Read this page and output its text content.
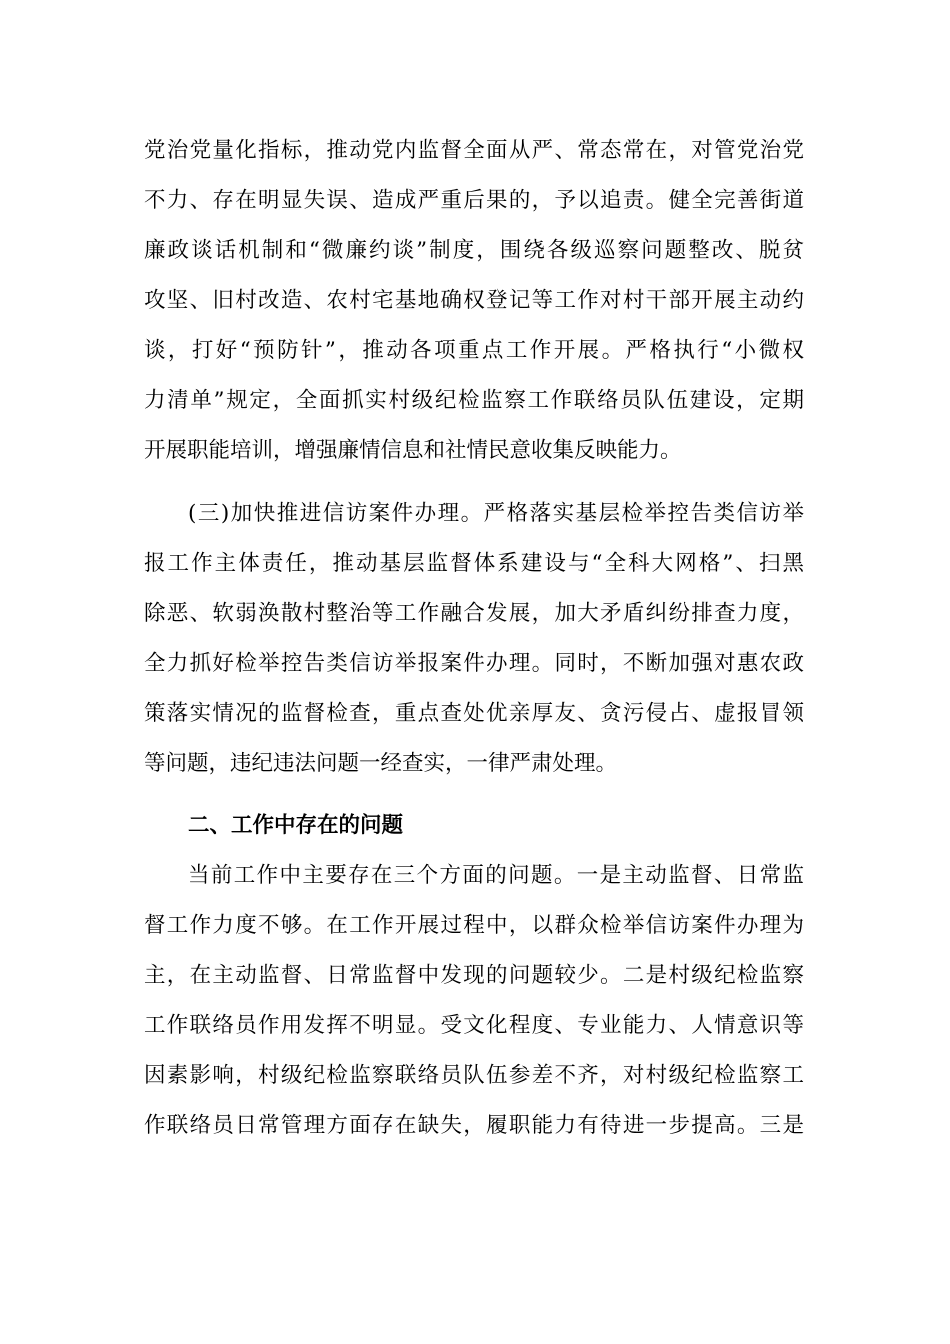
党治党量化指标，推动党内监督全面从严、常态常在，对管党治党
不力、存在明显失误、造成严重后果的，予以追责。健全完善街道
廉政谈话机制和“微廉约谈”制度，围绕各级巡察问题整改、脱贫
攻坚、旧村改造、农村宅基地确权登记等工作对村干部开展主动约
谈，打好“预防针”，推动各项重点工作开展。严格执行“小微权
力清单”规定，全面抓实村级纪检监察工作联络员队伍建设，定期
开展职能培训，增强廉情信息和社情民意收集反映能力。
(三)加快推进信访案件办理。严格落实基层检举控告类信访举
报工作主体责任，推动基层监督体系建设与“全科大网格”、扫黑
除恶、软弱涣散村整治等工作融合发展，加大矛盾纠纷排查力度，
全力抓好检举控告类信访举报案件办理。同时，不断加强对惠农政
策落实情况的监督检查，重点查处优亲厚友、贪污侵占、虚报冒领
等问题，违纪违法问题一经查实，一律严肃处理。
二、工作中存在的问题
当前工作中主要存在三个方面的问题。一是主动监督、日常监
督工作力度不够。在工作开展过程中，以群众检举信访案件办理为
主，在主动监督、日常监督中发现的问题较少。二是村级纪检监察
工作联络员作用发挥不明显。受文化程度、专业能力、人情意识等
因素影响，村级纪检监察联络员队伍参差不齐，对村级纪检监察工
作联络员日常管理方面存在缺失，履职能力有待进一步提高。三是
